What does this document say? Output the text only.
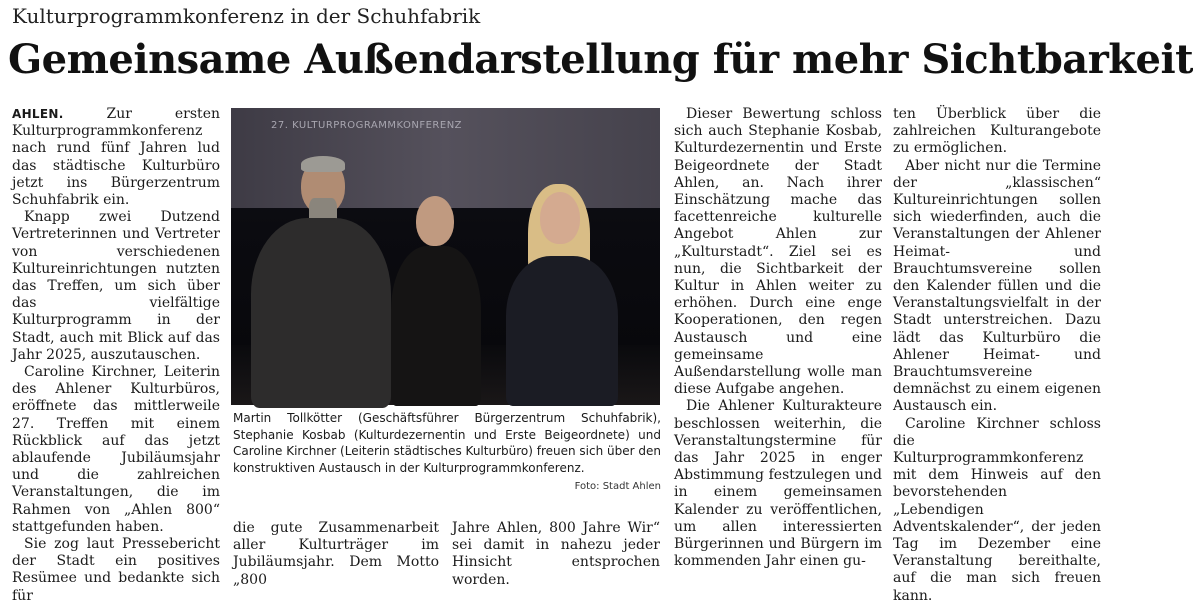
Kulturprogrammkonferenz in der Schuhfabrik
Gemeinsame Außendarstellung für mehr Sichtbarkeit

AHLEN. Zur ersten Kulturprogrammkonferenz nach rund fünf Jahren lud das städtische Kulturbüro jetzt ins Bürgerzentrum Schuhfabrik ein.

Knapp zwei Dutzend Vertreterinnen und Vertreter von verschiedenen Kultureinrichtungen nutzten das Treffen, um sich über das vielfältige Kulturprogramm in der Stadt, auch mit Blick auf das Jahr 2025, auszutauschen.

Caroline Kirchner, Leiterin des Ahlener Kulturbüros, eröffnete das mittlerweile 27. Treffen mit einem Rückblick auf das jetzt ablaufende Jubiläumsjahr und die zahlreichen Veranstaltungen, die im Rahmen von „Ahlen 800“ stattgefunden haben.

Sie zog laut Pressebericht der Stadt ein positives Resümee und bedankte sich für

27. KULTURPROGRAMMKONFERENZ
Martin Tollkötter (Geschäftsführer Bürgerzentrum Schuhfabrik), Stephanie Kosbab (Kulturdezernentin und Erste Beigeordnete) und Caroline Kirchner (Leiterin städtisches Kulturbüro) freuen sich über den konstruktiven Austausch in der Kulturprogrammkonferenz.
Foto: Stadt Ahlen
die gute Zusammenarbeit aller Kulturträger im Jubiläumsjahr. Dem Motto „800
Jahre Ahlen, 800 Jahre Wir“ sei damit in nahezu jeder Hinsicht entsprochen worden.

Dieser Bewertung schloss sich auch Stephanie Kosbab, Kulturdezernentin und Erste Beigeordnete der Stadt Ahlen, an. Nach ihrer Einschätzung mache das facettenreiche kulturelle Angebot Ahlen zur „Kulturstadt“. Ziel sei es nun, die Sichtbarkeit der Kultur in Ahlen weiter zu erhöhen. Durch eine enge Kooperationen, den regen Austausch und eine gemeinsame Außendarstellung wolle man diese Aufgabe angehen.

Die Ahlener Kulturakteure beschlossen weiterhin, die Veranstaltungstermine für das Jahr 2025 in enger Abstimmung festzulegen und in einem gemeinsamen Kalender zu veröffentlichen, um allen interessierten Bürgerinnen und Bürgern im kommenden Jahr einen gu-

ten Überblick über die zahlreichen Kulturangebote zu ermöglichen.

Aber nicht nur die Termine der „klassischen“ Kultureinrichtungen sollen sich wiederfinden, auch die Veranstaltungen der Ahlener Heimat- und Brauchtumsvereine sollen den Kalender füllen und die Veranstaltungsvielfalt in der Stadt unterstreichen. Dazu lädt das Kulturbüro die Ahlener Heimat- und Brauchtumsvereine demnächst zu einem eigenen Austausch ein.

Caroline Kirchner schloss die Kulturprogrammkonferenz mit dem Hinweis auf den bevorstehenden „Lebendigen Adventskalender“, der jeden Tag im Dezember eine Veranstaltung bereithalte, auf die man sich freuen kann.
